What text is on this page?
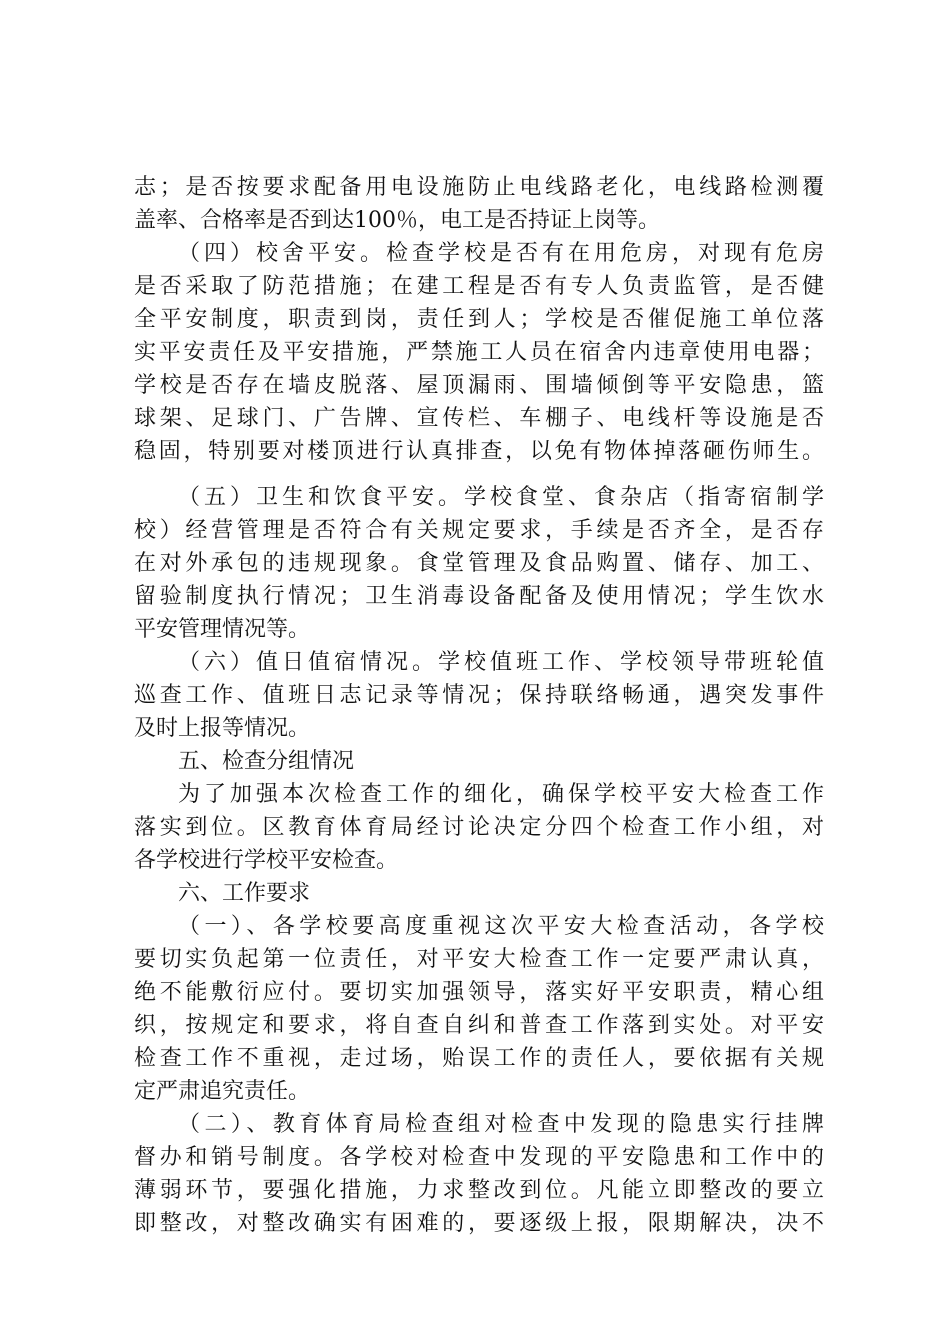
志；是否按要求配备用电设施防止电线路老化，电线路检测覆
盖率、合格率是否到达100％，电工是否持证上岗等。
（四）校舍平安。检查学校是否有在用危房，对现有危房
是否采取了防范措施；在建工程是否有专人负责监管，是否健
全平安制度，职责到岗，责任到人；学校是否催促施工单位落
实平安责任及平安措施，严禁施工人员在宿舍内违章使用电器；
学校是否存在墙皮脱落、屋顶漏雨、围墙倾倒等平安隐患，篮
球架、足球门、广告牌、宣传栏、车棚子、电线杆等设施是否
稳固，特别要对楼顶进行认真排查，以免有物体掉落砸伤师生。
（五）卫生和饮食平安。学校食堂、食杂店（指寄宿制学
校）经营管理是否符合有关规定要求，手续是否齐全，是否存
在对外承包的违规现象。食堂管理及食品购置、储存、加工、
留验制度执行情况；卫生消毒设备配备及使用情况；学生饮水
平安管理情况等。
（六）值日值宿情况。学校值班工作、学校领导带班轮值
巡查工作、值班日志记录等情况；保持联络畅通，遇突发事件
及时上报等情况。
五、检查分组情况
为了加强本次检查工作的细化，确保学校平安大检查工作
落实到位。区教育体育局经讨论决定分四个检查工作小组，对
各学校进行学校平安检查。
六、工作要求
（一）、各学校要高度重视这次平安大检查活动，各学校
要切实负起第一位责任，对平安大检查工作一定要严肃认真，
绝不能敷衍应付。要切实加强领导，落实好平安职责，精心组
织，按规定和要求，将自查自纠和普查工作落到实处。对平安
检查工作不重视，走过场，贻误工作的责任人，要依据有关规
定严肃追究责任。
（二）、教育体育局检查组对检查中发现的隐患实行挂牌
督办和销号制度。各学校对检查中发现的平安隐患和工作中的
薄弱环节，要强化措施，力求整改到位。凡能立即整改的要立
即整改，对整改确实有困难的，要逐级上报，限期解决，决不
